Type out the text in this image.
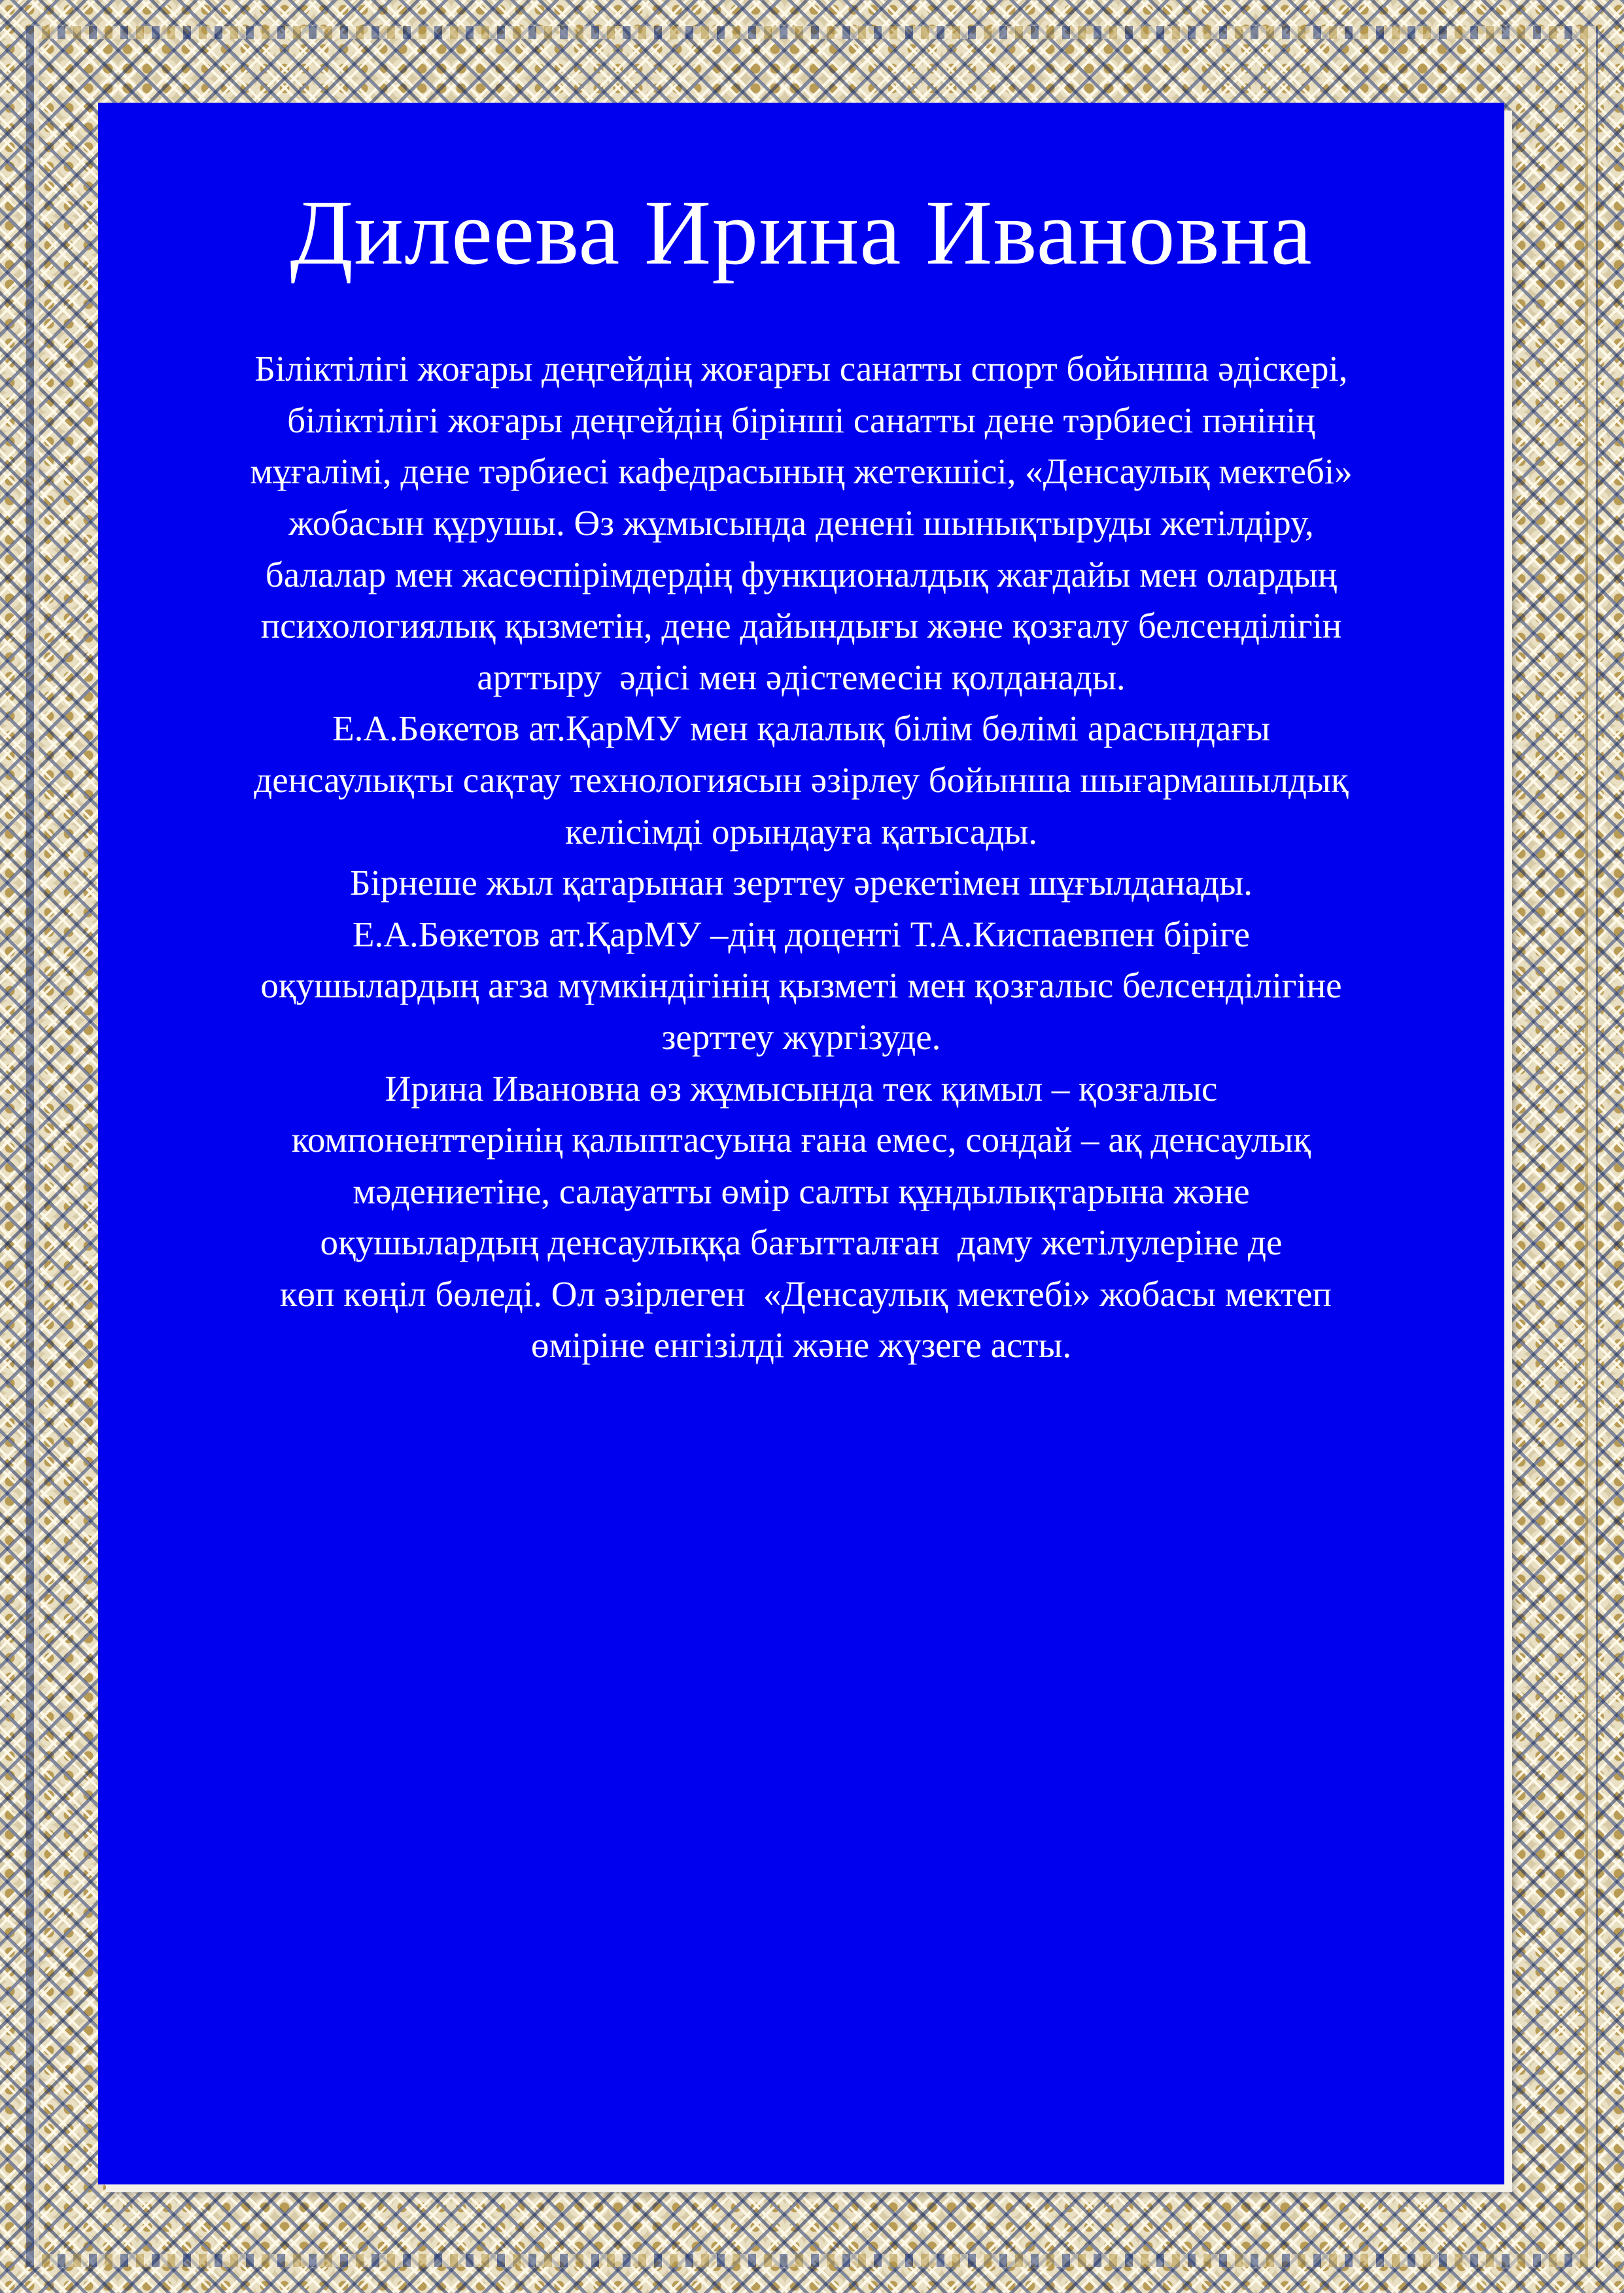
Дилеева Ирина Ивановна
Біліктілігі жоғары деңгейдің жоғарғы санатты спорт бойынша әдіскері,
біліктілігі жоғары деңгейдің бірінші санатты дене тәрбиесі пәнінің
мұғалімі, дене тәрбиесі кафедрасының жетекшісі, «Денсаулық мектебі»
жобасын құрушы. Өз жұмысында денені шынықтыруды жетілдіру,
балалар мен жасөспірімдердің функционалдық жағдайы мен олардың
психологиялық қызметін, дене дайындығы және қозғалу белсенділігін
арттыру  әдісі мен әдістемесін қолданады.
Е.А.Бөкетов ат.ҚарМУ мен қалалық білім бөлімі арасындағы
денсаулықты сақтау технологиясын әзірлеу бойынша шығармашылдық
келісімді орындауға қатысады.
Бірнеше жыл қатарынан зерттеу әрекетімен шұғылданады.
Е.А.Бөкетов ат.ҚарМУ –дің доценті Т.А.Киспаевпен біріге
оқушылардың ағза мүмкіндігінің қызметі мен қозғалыс белсенділігіне
зерттеу жүргізуде.
Ирина Ивановна өз жұмысында тек қимыл – қозғалыс
компоненттерінің қалыптасуына ғана емес, сондай – ақ денсаулық
мәдениетіне, салауатты өмір салты құндылықтарына және
оқушылардың денсаулыққа бағытталған  даму жетілулеріне де
көп көңіл бөледі. Ол әзірлеген  «Денсаулық мектебі» жобасы мектеп
өміріне енгізілді және жүзеге асты.
